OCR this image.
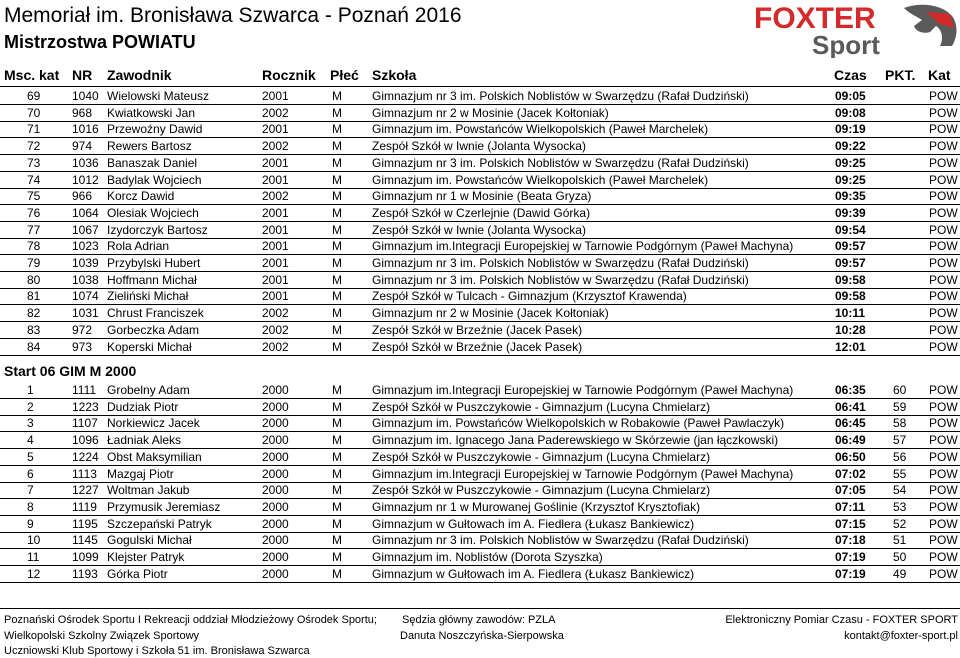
Memoriał im. Bronisława Szwarca - Poznań 2016
Mistrzostwa POWIATU
FOXTER
Sport
Msc. kat NR Zawodnik	Rocznik Płeć Szkoła	Czas PKT. Kat
69	1040 Wielowski Mateusz	2001	M	Gimnazjum nr 3 im. Polskich Noblistów w Swarzędzu (Rafał Dudziński)	09:05	POW
70	968 Kwiatkowski Jan	2002	M	Gimnazjum nr 2 w Mosinie (Jacek Kołtoniak)	09:08	POW
71	1016 Przewoźny Dawid	2001	M	Gimnazjum im. Powstańców Wielkopolskich (Paweł Marchelek)	09:19	POW
72	974 Rewers Bartosz	2002	M	Zespół Szkół w Iwnie (Jolanta Wysocka)	09:22	POW
73	1036 Banaszak Daniel	2001	M	Gimnazjum nr 3 im. Polskich Noblistów w Swarzędzu (Rafał Dudziński)	09:25	POW
74	1012 Badylak Wojciech	2001	M	Gimnazjum im. Powstańców Wielkopolskich (Paweł Marchelek)	09:25	POW
75	966 Korcz Dawid	2002	M	Gimnazjum nr 1 w Mosinie (Beata Gryza)	09:35	POW
76	1064 Olesiak Wojciech	2001	M	Zespół Szkół w Czerlejnie (Dawid Górka)	09:39	POW
77	1067 Izydorczyk Bartosz	2001	M	Zespół Szkół w Iwnie (Jolanta Wysocka)	09:54	POW
78	1023 Rola Adrian	2001	M	Gimnazjum im.Integracji Europejskiej w Tarnowie Podgórnym (Paweł Machyna)	09:57	POW
79	1039 Przybylski Hubert	2001	M	Gimnazjum nr 3 im. Polskich Noblistów w Swarzędzu (Rafał Dudziński)	09:57	POW
80	1038 Hoffmann Michał	2001	M	Gimnazjum nr 3 im. Polskich Noblistów w Swarzędzu (Rafał Dudziński)	09:58	POW
81	1074 Zieliński Michał	2001	M	Zespół Szkół w Tulcach - Gimnazjum (Krzysztof Krawenda)	09:58	POW
82	1031 Chrust Franciszek	2002	M	Gimnazjum nr 2 w Mosinie (Jacek Kołtoniak)	10:11	POW
83	972 Gorbeczka Adam	2002	M	Zespół Szkół w Brzeźnie (Jacek Pasek)	10:28	POW
84	973 Koperski Michał	2002	M	Zespół Szkół w Brzeźnie (Jacek Pasek)	12:01	POW
Start 06 GIM M 2000
1	1111 Grobelny Adam	2000	M	Gimnazjum im.Integracji Europejskiej w Tarnowie Podgórnym (Paweł Machyna)	06:35 60 POW
2	1223 Dudziak Piotr	2000	M	Zespół Szkół w Puszczykowie - Gimnazjum (Lucyna Chmielarz)	06:41 59 POW
3	1107 Norkiewicz Jacek	2000	M	Gimnazjum im. Powstańców Wielkopolskich w Robakowie (Paweł Pawlaczyk)	06:45 58 POW
4	1096 Ładniak Aleks	2000	M	Gimnazjum im. Ignacego Jana Paderewskiego w Skórzewie (jan łączkowski)	06:49 57 POW
5	1224 Obst Maksymilian	2000	M	Zespół Szkół w Puszczykowie - Gimnazjum (Lucyna Chmielarz)	06:50 56 POW
6	1113 Mazgaj Piotr	2000	M	Gimnazjum im.Integracji Europejskiej w Tarnowie Podgórnym (Paweł Machyna)	07:02 55 POW
7	1227 Woltman Jakub	2000	M	Zespół Szkół w Puszczykowie - Gimnazjum (Lucyna Chmielarz)	07:05 54 POW
8	1119 Przymusik Jeremiasz	2000	M	Gimnazjum nr 1 w Murowanej Goślinie (Krzysztof Krysztofiak)	07:11 53 POW
9	1195 Szczepański Patryk	2000	M	Gimnazjum w Gułtowach im A. Fiedlera (Łukasz Bankiewicz)	07:15 52 POW
10	1145 Gogulski Michał	2000	M	Gimnazjum nr 3 im. Polskich Noblistów w Swarzędzu (Rafał Dudziński)	07:18 51 POW
11	1099 Klejster Patryk	2000	M	Gimnazjum im. Noblistów (Dorota Szyszka)	07:19 50 POW
12	1193 Górka Piotr	2000	M	Gimnazjum w Gułtowach im A. Fiedlera (Łukasz Bankiewicz)	07:19 49 POW
Poznański Ośrodek Sportu I Rekreacji oddział Młodzieżowy Ośrodek Sportu;
Wielkopolski Szkolny Związek Sportowy
Uczniowski Klub Sportowy i Szkoła 51 im. Bronisława Szwarca
Sędzia główny zawodów: PZLA
Danuta Noszczyńska-Sierpowska
Elektroniczny Pomiar Czasu - FOXTER SPORT
kontakt@foxter-sport.pl
